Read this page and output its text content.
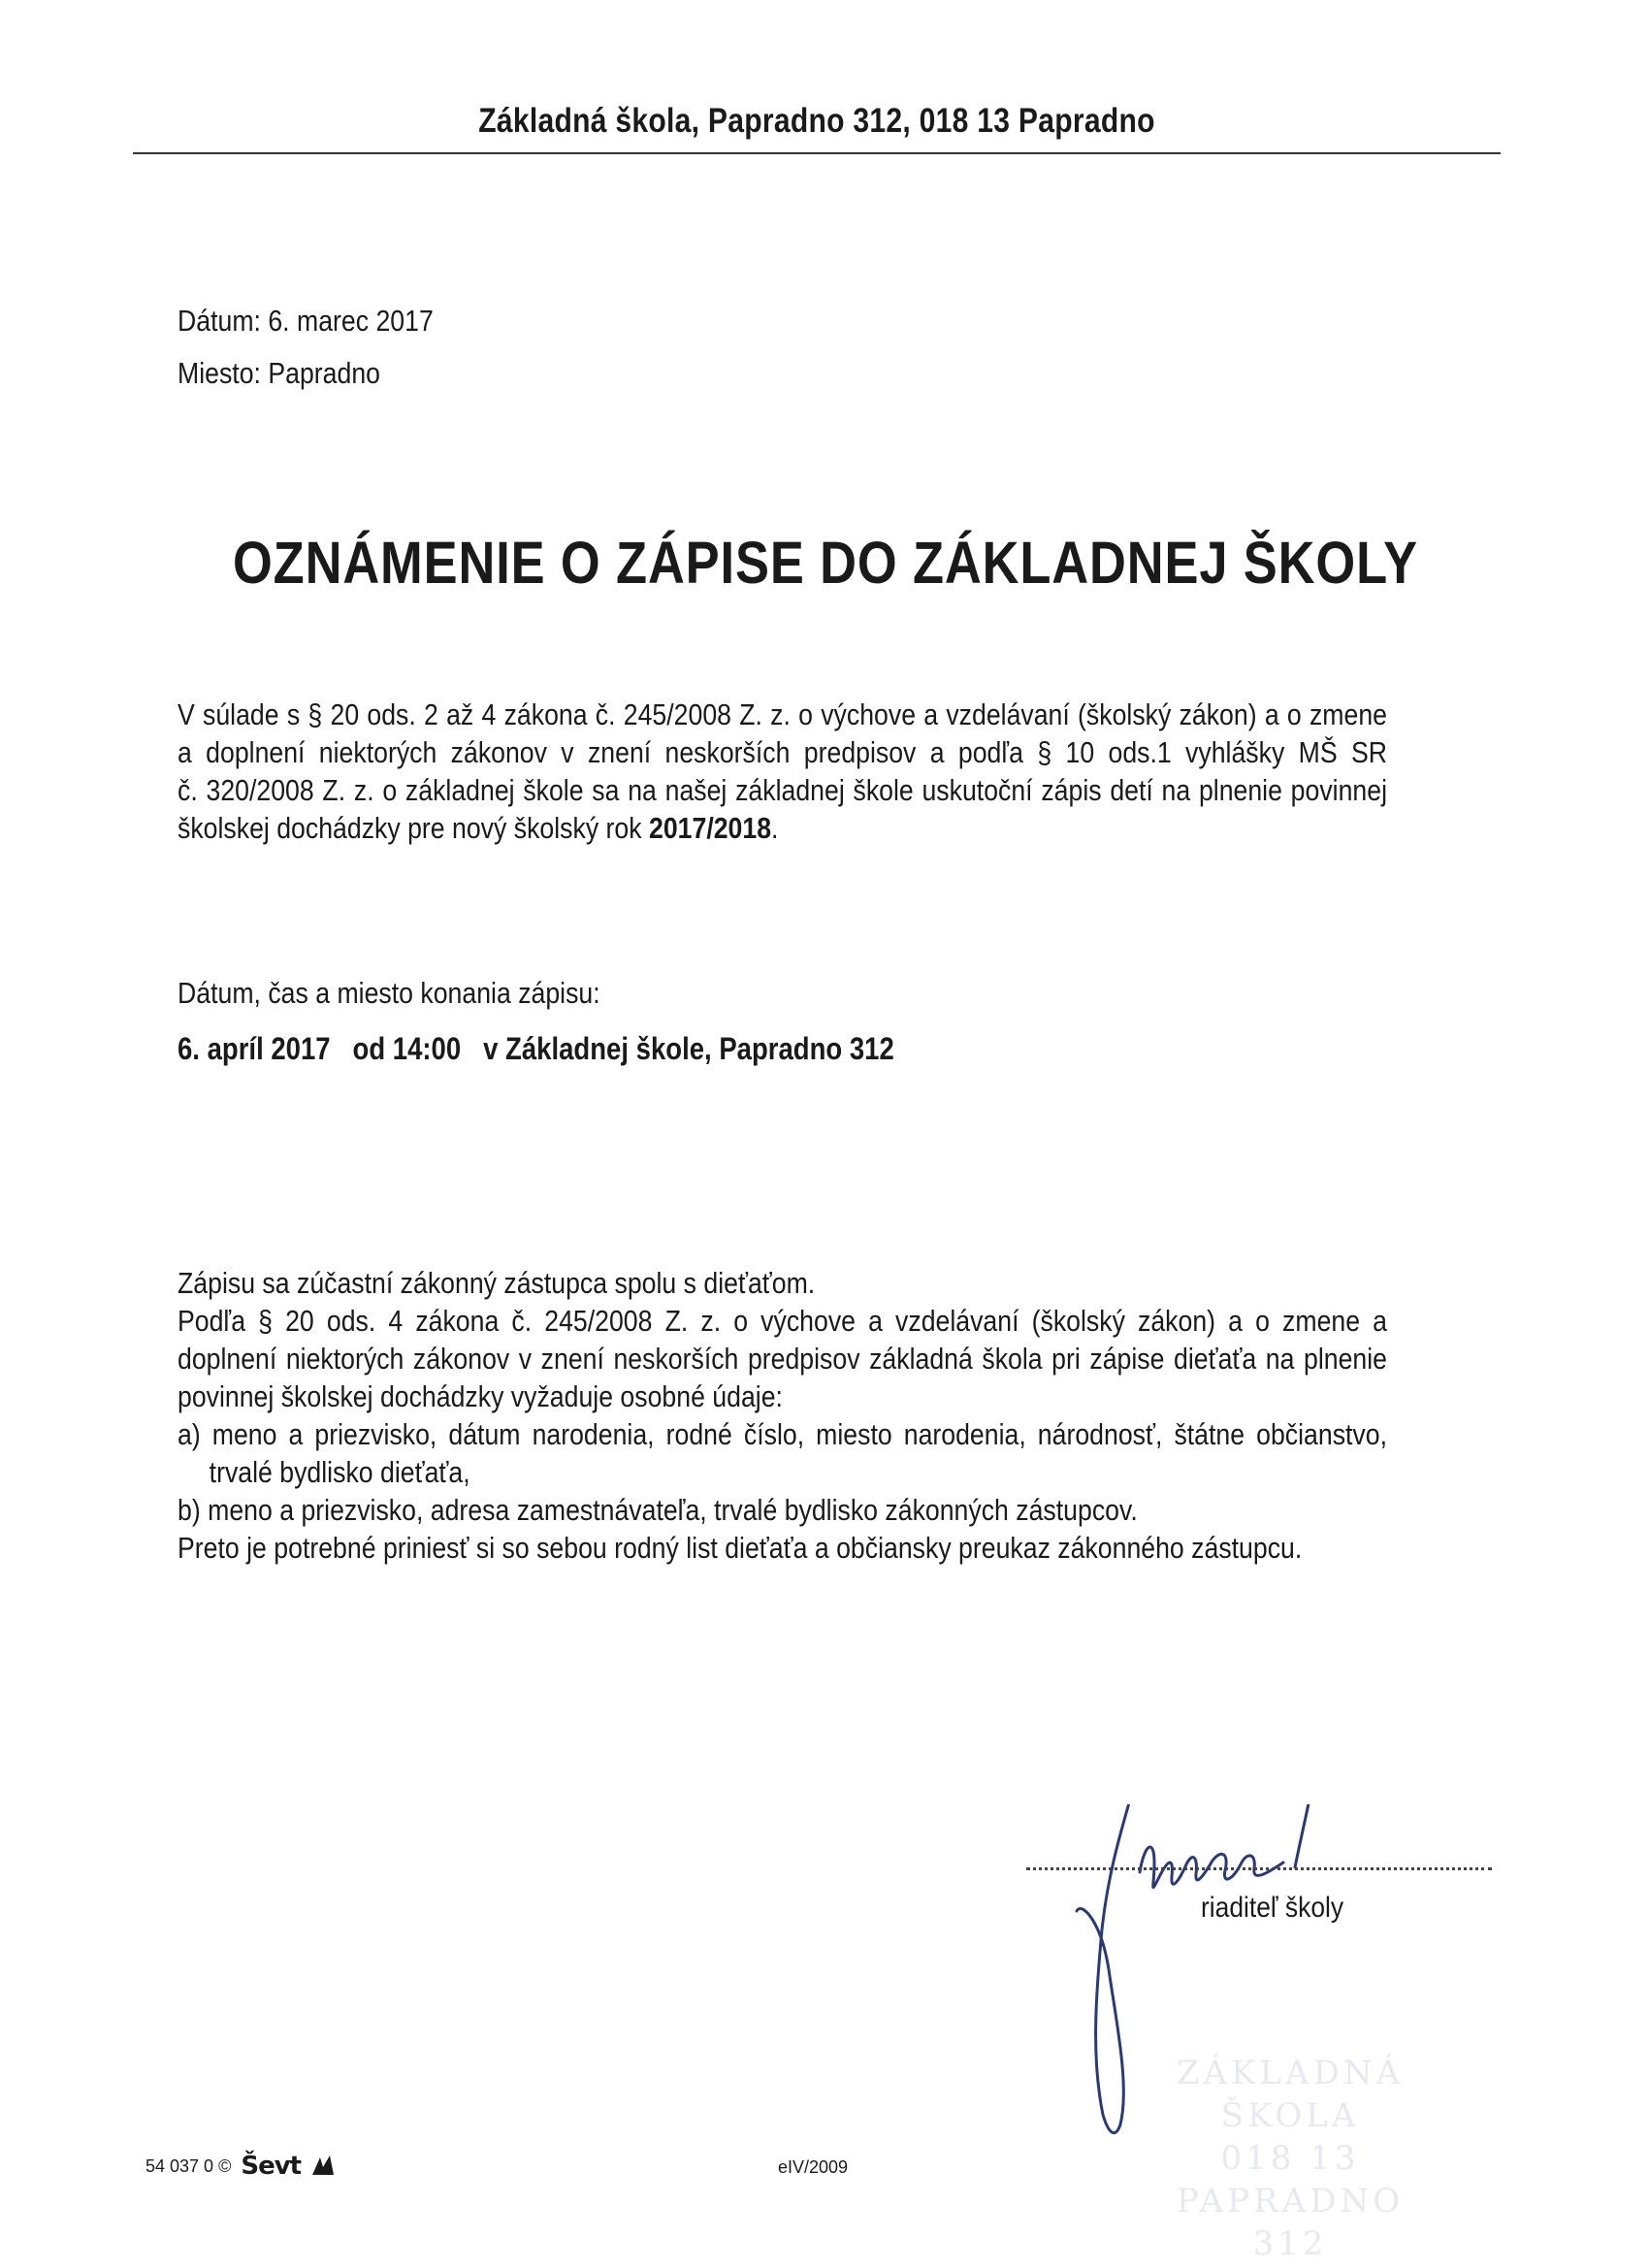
Základná škola, Papradno 312, 018 13 Papradno
Dátum: 6. marec 2017
Miesto: Papradno
OZNÁMENIE O ZÁPISE DO ZÁKLADNEJ ŠKOLY
V súlade s § 20 ods. 2 až 4 zákona č. 245/2008 Z. z. o výchove a vzdelávaní (školský zákon) a o zmene
a doplnení niektorých zákonov v znení neskorších predpisov a podľa § 10 ods.1 vyhlášky MŠ SR
č. 320/2008 Z. z. o základnej škole sa na našej základnej škole uskutoční zápis detí na plnenie povinnej
školskej dochádzky pre nový školský rok 2017/2018.
Dátum, čas a miesto konania zápisu:
6. apríl 2017 od 14:00 v Základnej škole, Papradno 312
Zápisu sa zúčastní zákonný zástupca spolu s dieťaťom.
Podľa § 20 ods. 4 zákona č. 245/2008 Z. z. o výchove a vzdelávaní (školský zákon) a o zmene a
doplnení niektorých zákonov v znení neskorších predpisov základná škola pri zápise dieťaťa na plnenie
povinnej školskej dochádzky vyžaduje osobné údaje:
a) meno a priezvisko, dátum narodenia, rodné číslo, miesto narodenia, národnosť, štátne občianstvo,
trvalé bydlisko dieťaťa,
b) meno a priezvisko, adresa zamestnávateľa, trvalé bydlisko zákonných zástupcov.
Preto je potrebné priniesť si so sebou rodný list dieťaťa a občiansky preukaz zákonného zástupcu.
riaditeľ školy
ZÁKLADNÁ ŠKOLA
018 13 PAPRADNO 312
54 037 0 © Ševt	eIV/2009
